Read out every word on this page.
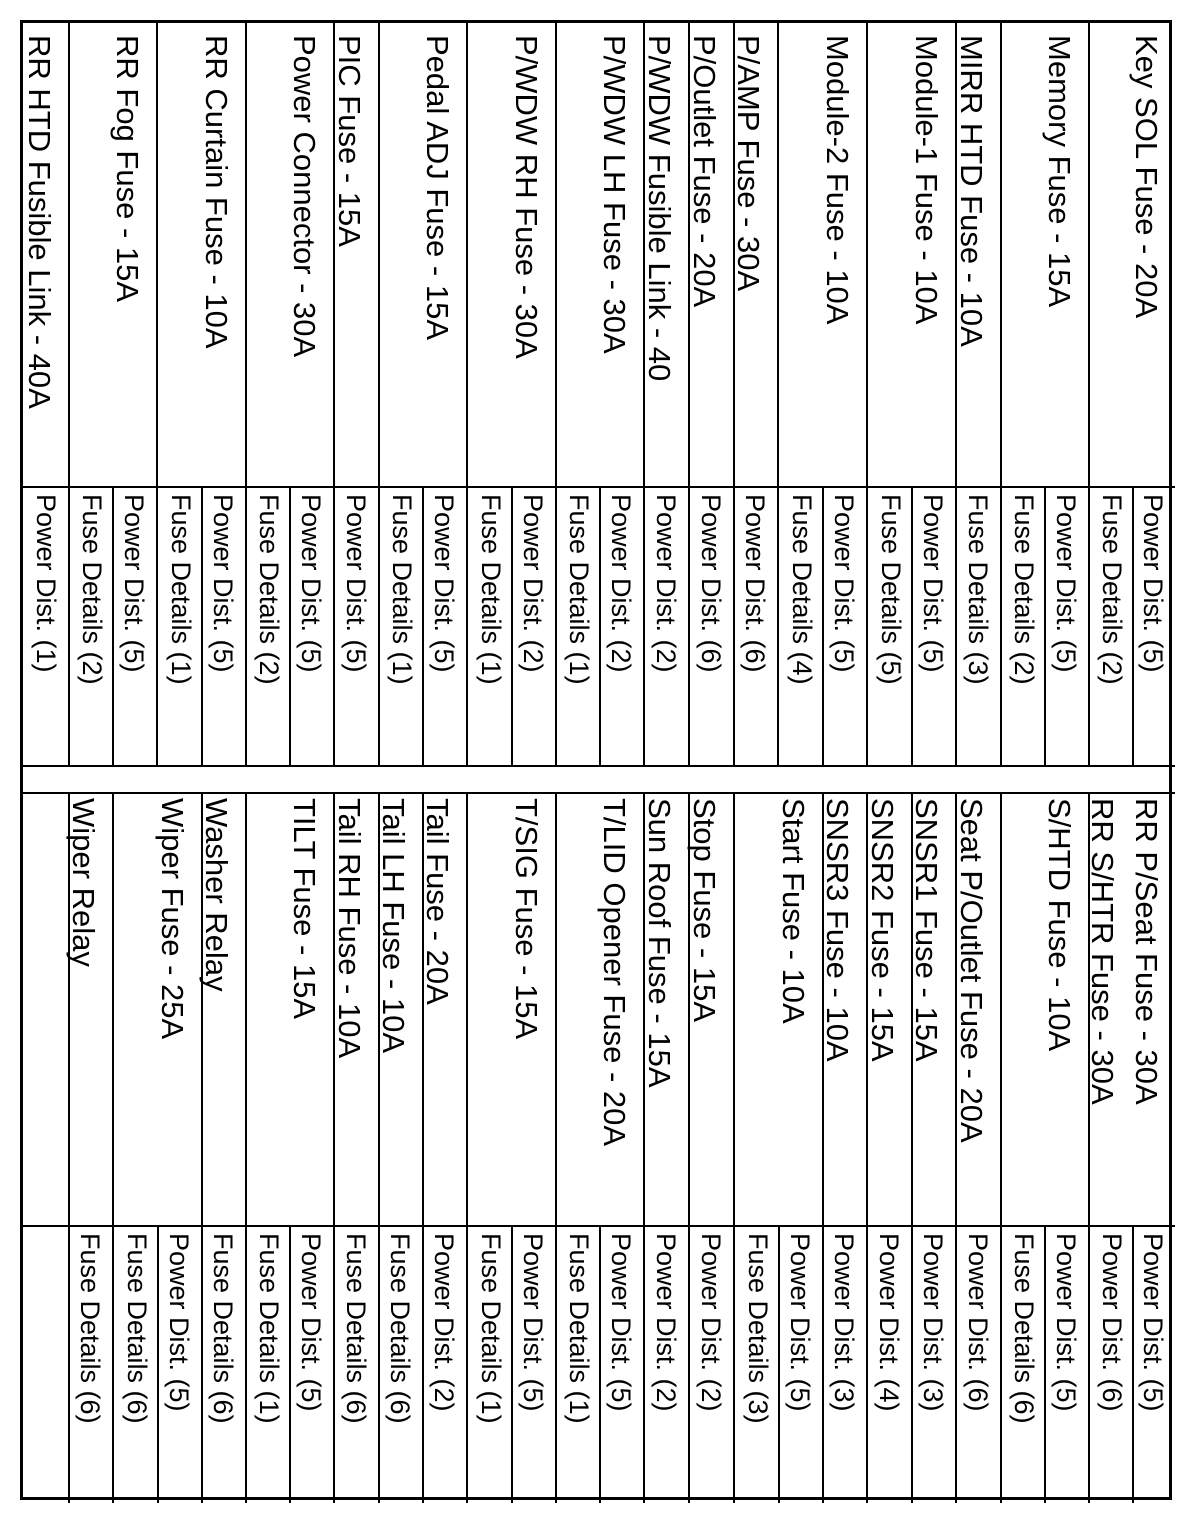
Key SOL Fuse - 20A
Power Dist. (5)
Fuse Details (2)
Memory Fuse - 15A
Power Dist. (5)
Fuse Details (2)
MIRR HTD Fuse - 10A
Fuse Details (3)
Module-1 Fuse - 10A
Power Dist. (5)
Fuse Details (5)
Module-2 Fuse - 10A
Power Dist. (5)
Fuse Details (4)
P/AMP Fuse - 30A
Power Dist. (6)
P/Outlet Fuse - 20A
Power Dist. (6)
P/WDW Fusible Link - 40
Power Dist. (2)
P/WDW LH Fuse - 30A
Power Dist. (2)
Fuse Details (1)
P/WDW RH Fuse - 30A
Power Dist. (2)
Fuse Details (1)
Pedal ADJ Fuse - 15A
Power Dist. (5)
Fuse Details (1)
PIC Fuse - 15A
Power Dist. (5)
Power Connector - 30A
Power Dist. (5)
Fuse Details (2)
RR Curtain Fuse - 10A
Power Dist. (5)
Fuse Details (1)
RR Fog Fuse - 15A
Power Dist. (5)
Fuse Details (2)
RR HTD Fusible Link - 40A
Power Dist. (1)
RR P/Seat Fuse - 30A
RR S/HTR Fuse - 30A
Power Dist. (5)
Power Dist. (6)
S/HTD Fuse - 10A
Power Dist. (5)
Fuse Details (6)
Seat P/Outlet Fuse - 20A
Power Dist. (6)
SNSR1 Fuse - 15A
Power Dist. (3)
SNSR2 Fuse - 15A
Power Dist. (4)
SNSR3 Fuse - 10A
Power Dist. (3)
Start Fuse - 10A
Power Dist. (5)
Fuse Details (3)
Stop Fuse - 15A
Power Dist. (2)
Sun Roof Fuse - 15A
Power Dist. (2)
T/LID Opener Fuse - 20A
Power Dist. (5)
Fuse Details (1)
T/SIG Fuse - 15A
Power Dist. (5)
Fuse Details (1)
Tail Fuse - 20A
Power Dist. (2)
Tail LH Fuse - 10A
Fuse Details (6)
Tail RH Fuse - 10A
Fuse Details (6)
TILT Fuse - 15A
Power Dist. (5)
Fuse Details (1)
Washer Relay
Fuse Details (6)
Wiper Fuse - 25A
Power Dist. (5)
Fuse Details (6)
Wiper Relay
Fuse Details (6)
